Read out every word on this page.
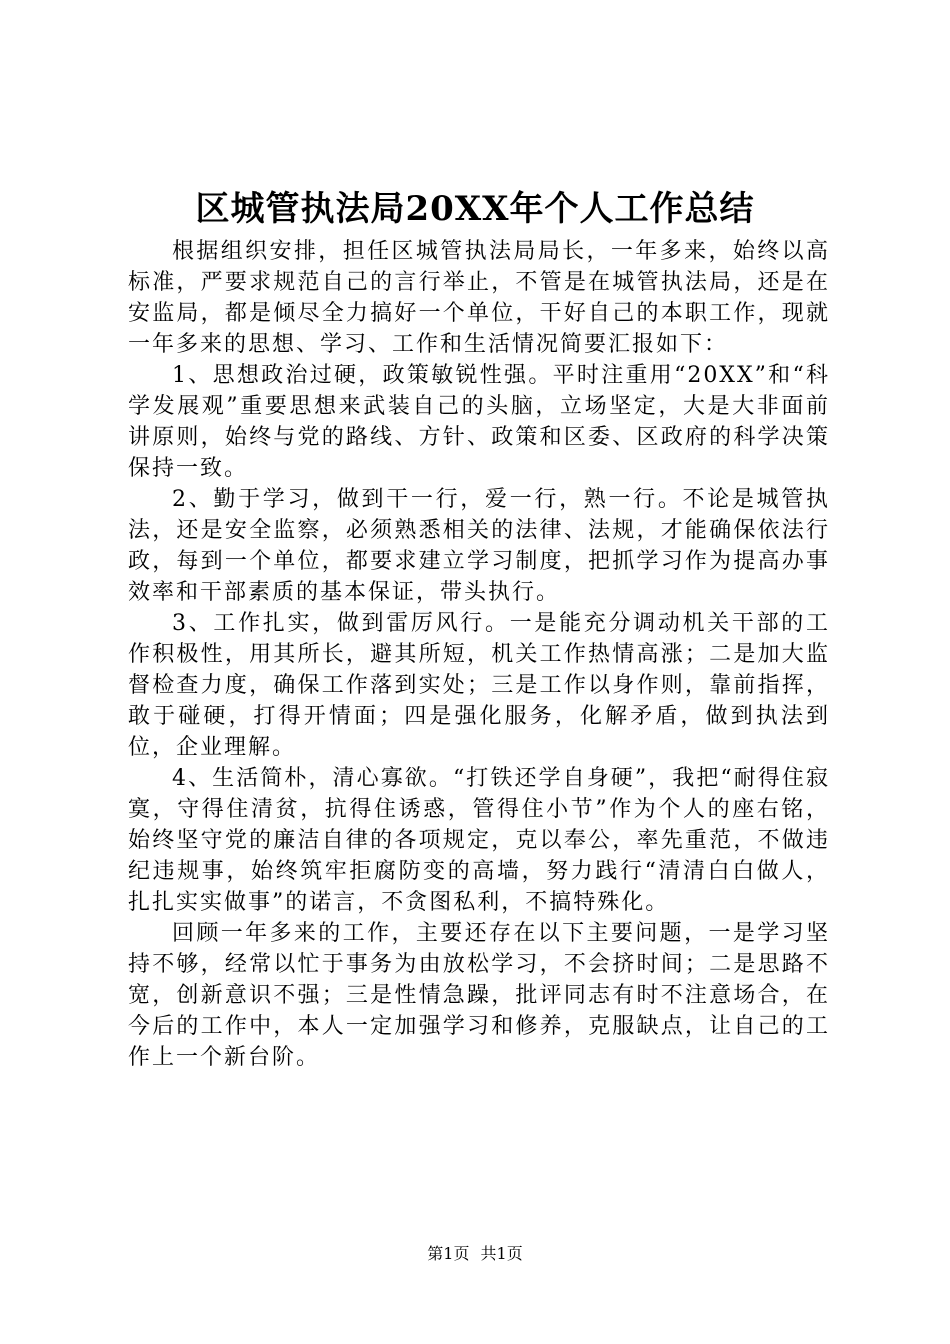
区城管执法局20XX年个人工作总结

根据组织安排，担任区城管执法局局长，一年多来，始终以高标准，严要求规范自己的言行举止，不管是在城管执法局，还是在安监局，都是倾尽全力搞好一个单位，干好自己的本职工作，现就一年多来的思想、学习、工作和生活情况简要汇报如下：

1、思想政治过硬，政策敏锐性强。平时注重用“20XX”和“科学发展观”重要思想来武装自己的头脑，立场坚定，大是大非面前讲原则，始终与党的路线、方针、政策和区委、区政府的科学决策保持一致。

2、勤于学习，做到干一行，爱一行，熟一行。不论是城管执法，还是安全监察，必须熟悉相关的法律、法规，才能确保依法行政，每到一个单位，都要求建立学习制度，把抓学习作为提高办事效率和干部素质的基本保证，带头执行。

3、工作扎实，做到雷厉风行。一是能充分调动机关干部的工作积极性，用其所长，避其所短，机关工作热情高涨；二是加大监督检查力度，确保工作落到实处；三是工作以身作则，靠前指挥，敢于碰硬，打得开情面；四是强化服务，化解矛盾，做到执法到位，企业理解。

4、生活简朴，清心寡欲。“打铁还学自身硬”，我把“耐得住寂寞，守得住清贫，抗得住诱惑，管得住小节”作为个人的座右铭，始终坚守党的廉洁自律的各项规定，克以奉公，率先重范，不做违纪违规事，始终筑牢拒腐防变的高墙，努力践行“清清白白做人，扎扎实实做事”的诺言，不贪图私利，不搞特殊化。

回顾一年多来的工作，主要还存在以下主要问题，一是学习坚持不够，经常以忙于事务为由放松学习，不会挤时间；二是思路不宽，创新意识不强；三是性情急躁，批评同志有时不注意场合，在今后的工作中，本人一定加强学习和修养，克服缺点，让自己的工作上一个新台阶。

第1页 共1页
